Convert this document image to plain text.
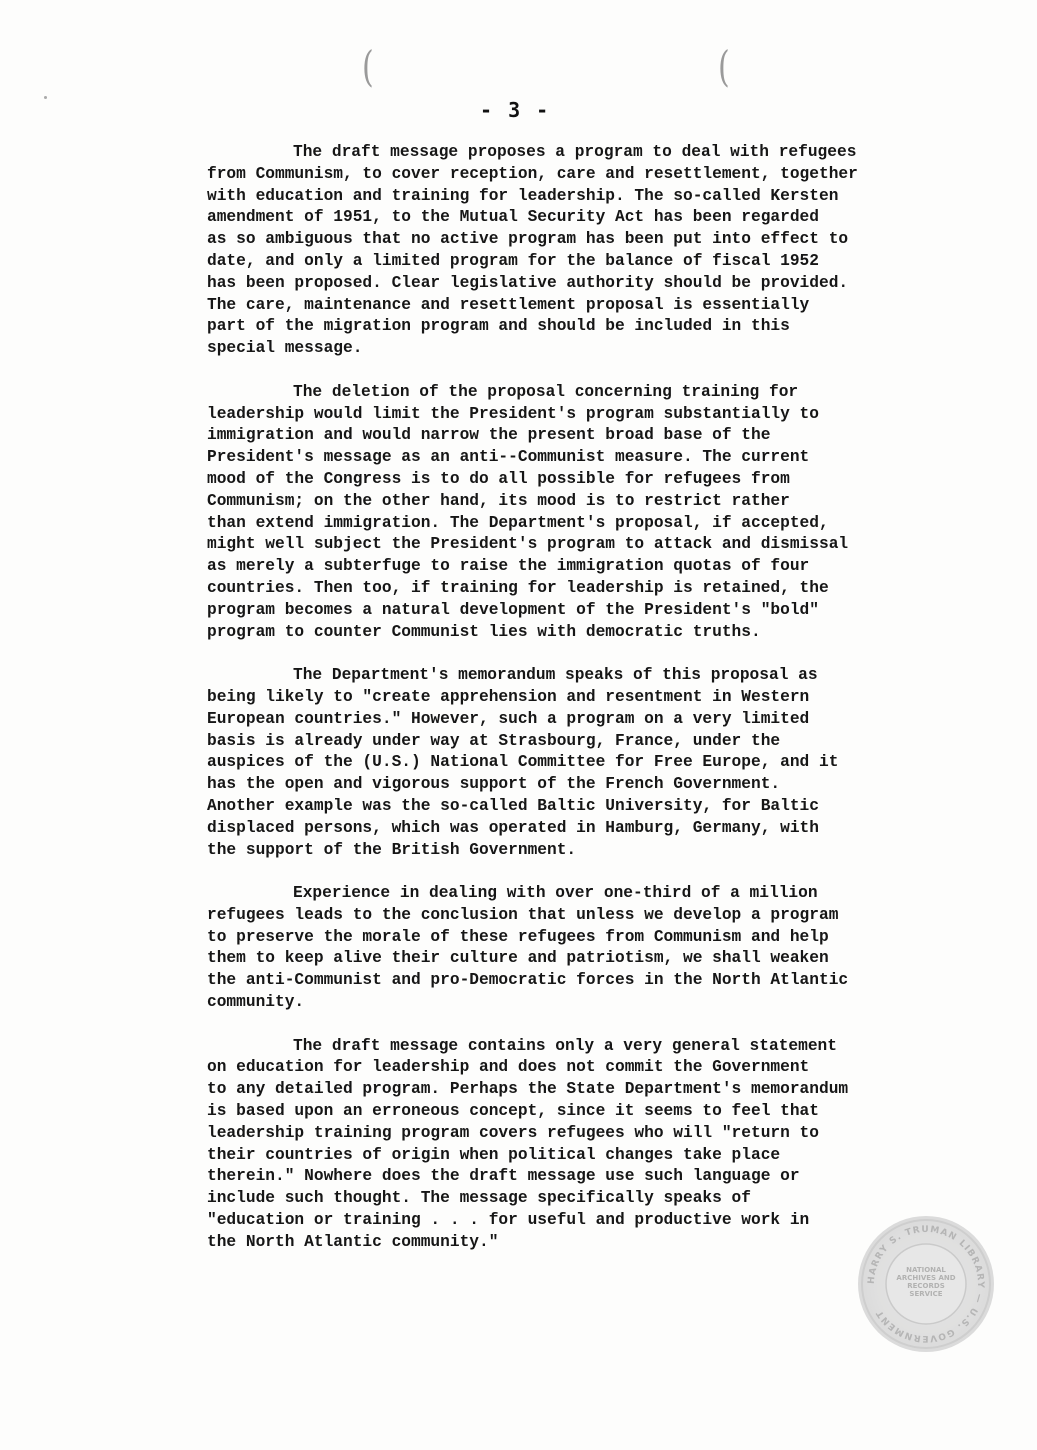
(	(
- 3 -
The draft message proposes a program to deal with refugees
from Communism, to cover reception, care and resettlement, together
with education and training for leadership. The so-called Kersten
amendment of 1951, to the Mutual Security Act has been regarded
as so ambiguous that no active program has been put into effect to
date, and only a limited program for the balance of fiscal 1952
has been proposed. Clear legislative authority should be provided.
The care, maintenance and resettlement proposal is essentially
part of the migration program and should be included in this
special message.
The deletion of the proposal concerning training for
leadership would limit the President's program substantially to
immigration and would narrow the present broad base of the
President's message as an anti--Communist measure. The current
mood of the Congress is to do all possible for refugees from
Communism; on the other hand, its mood is to restrict rather
than extend immigration. The Department's proposal, if accepted,
might well subject the President's program to attack and dismissal
as merely a subterfuge to raise the immigration quotas of four
countries. Then too, if training for leadership is retained, the
program becomes a natural development of the President's "bold"
program to counter Communist lies with democratic truths.
The Department's memorandum speaks of this proposal as
being likely to "create apprehension and resentment in Western
European countries." However, such a program on a very limited
basis is already under way at Strasbourg, France, under the
auspices of the (U.S.) National Committee for Free Europe, and it
has the open and vigorous support of the French Government.
Another example was the so-called Baltic University, for Baltic
displaced persons, which was operated in Hamburg, Germany, with
the support of the British Government.
Experience in dealing with over one-third of a million
refugees leads to the conclusion that unless we develop a program
to preserve the morale of these refugees from Communism and help
them to keep alive their culture and patriotism, we shall weaken
the anti-Communist and pro-Democratic forces in the North Atlantic
community.
The draft message contains only a very general statement
on education for leadership and does not commit the Government
to any detailed program. Perhaps the State Department's memorandum
is based upon an erroneous concept, since it seems to feel that
leadership training program covers refugees who will "return to
their countries of origin when political changes take place
therein." Nowhere does the draft message use such language or
include such thought. The message specifically speaks of
"education or training . . . for useful and productive work in
the North Atlantic community."
HARRY S. TRUMAN LIBRARY — U.S. GOVERNMENT
NATIONAL ARCHIVES AND RECORDS SERVICE
